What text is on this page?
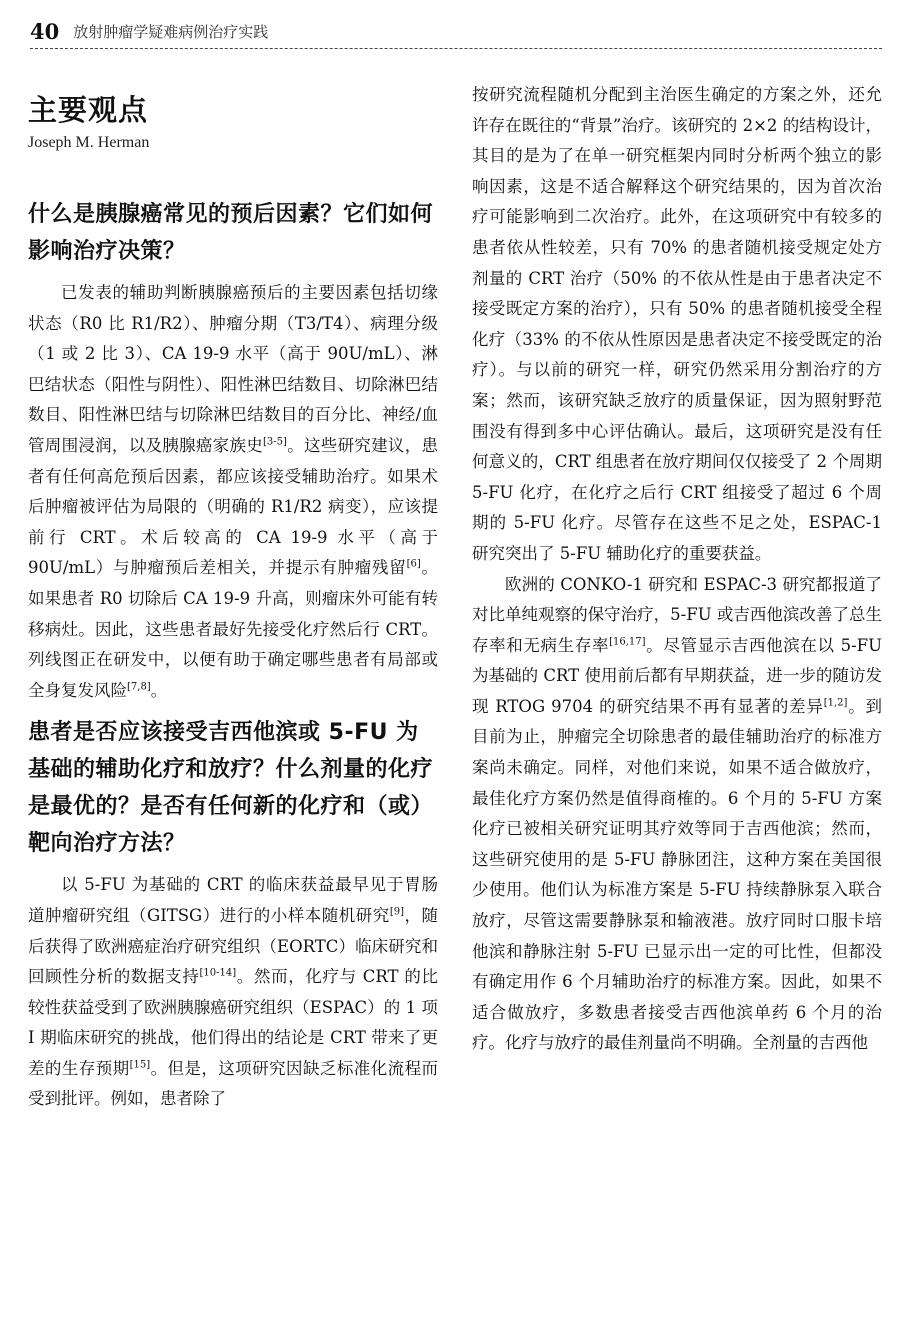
40 放射肿瘤学疑难病例治疗实践
主要观点
Joseph M. Herman
什么是胰腺癌常见的预后因素？它们如何影响治疗决策？

已发表的辅助判断胰腺癌预后的主要因素包括切缘状态（R0 比 R1/R2）、肿瘤分期（T3/T4）、病理分级（1 或 2 比 3）、CA 19-9 水平（高于 90U/mL）、淋巴结状态（阳性与阴性）、阳性淋巴结数目、切除淋巴结数目、阳性淋巴结与切除淋巴结数目的百分比、神经/血管周围浸润，以及胰腺癌家族史[3-5]。这些研究建议，患者有任何高危预后因素，都应该接受辅助治疗。如果术后肿瘤被评估为局限的（明确的 R1/R2 病变），应该提前行 CRT。术后较高的 CA 19-9 水平（高于 90U/mL）与肿瘤预后差相关，并提示有肿瘤残留[6]。如果患者 R0 切除后 CA 19-9 升高，则瘤床外可能有转移病灶。因此，这些患者最好先接受化疗然后行 CRT。列线图正在研发中，以便有助于确定哪些患者有局部或全身复发风险[7,8]。

患者是否应该接受吉西他滨或 5-FU 为基础的辅助化疗和放疗？什么剂量的化疗是最优的？是否有任何新的化疗和（或）靶向治疗方法？

以 5-FU 为基础的 CRT 的临床获益最早见于胃肠道肿瘤研究组（GITSG）进行的小样本随机研究[9]，随后获得了欧洲癌症治疗研究组织（EORTC）临床研究和回顾性分析的数据支持[10-14]。然而，化疗与 CRT 的比较性获益受到了欧洲胰腺癌研究组织（ESPAC）的 1 项 Ⅰ 期临床研究的挑战，他们得出的结论是 CRT 带来了更差的生存预期[15]。但是，这项研究因缺乏标准化流程而受到批评。例如，患者除了

按研究流程随机分配到主治医生确定的方案之外，还允许存在既往的“背景”治疗。该研究的 2×2 的结构设计，其目的是为了在单一研究框架内同时分析两个独立的影响因素，这是不适合解释这个研究结果的，因为首次治疗可能影响到二次治疗。此外，在这项研究中有较多的患者依从性较差，只有 70% 的患者随机接受规定处方剂量的 CRT 治疗（50% 的不依从性是由于患者决定不接受既定方案的治疗），只有 50% 的患者随机接受全程化疗（33% 的不依从性原因是患者决定不接受既定的治疗）。与以前的研究一样，研究仍然采用分割治疗的方案；然而，该研究缺乏放疗的质量保证，因为照射野范围没有得到多中心评估确认。最后，这项研究是没有任何意义的，CRT 组患者在放疗期间仅仅接受了 2 个周期 5-FU 化疗，在化疗之后行 CRT 组接受了超过 6 个周期的 5-FU 化疗。尽管存在这些不足之处，ESPAC-1 研究突出了 5-FU 辅助化疗的重要获益。

欧洲的 CONKO-1 研究和 ESPAC-3 研究都报道了对比单纯观察的保守治疗，5-FU 或吉西他滨改善了总生存率和无病生存率[16,17]。尽管显示吉西他滨在以 5-FU 为基础的 CRT 使用前后都有早期获益，进一步的随访发现 RTOG 9704 的研究结果不再有显著的差异[1,2]。到目前为止，肿瘤完全切除患者的最佳辅助治疗的标准方案尚未确定。同样，对他们来说，如果不适合做放疗，最佳化疗方案仍然是值得商榷的。6 个月的 5-FU 方案化疗已被相关研究证明其疗效等同于吉西他滨；然而，这些研究使用的是 5-FU 静脉团注，这种方案在美国很少使用。他们认为标准方案是 5-FU 持续静脉泵入联合放疗，尽管这需要静脉泵和输液港。放疗同时口服卡培他滨和静脉注射 5-FU 已显示出一定的可比性，但都没有确定用作 6 个月辅助治疗的标准方案。因此，如果不适合做放疗，多数患者接受吉西他滨单药 6 个月的治疗。化疗与放疗的最佳剂量尚不明确。全剂量的吉西他
